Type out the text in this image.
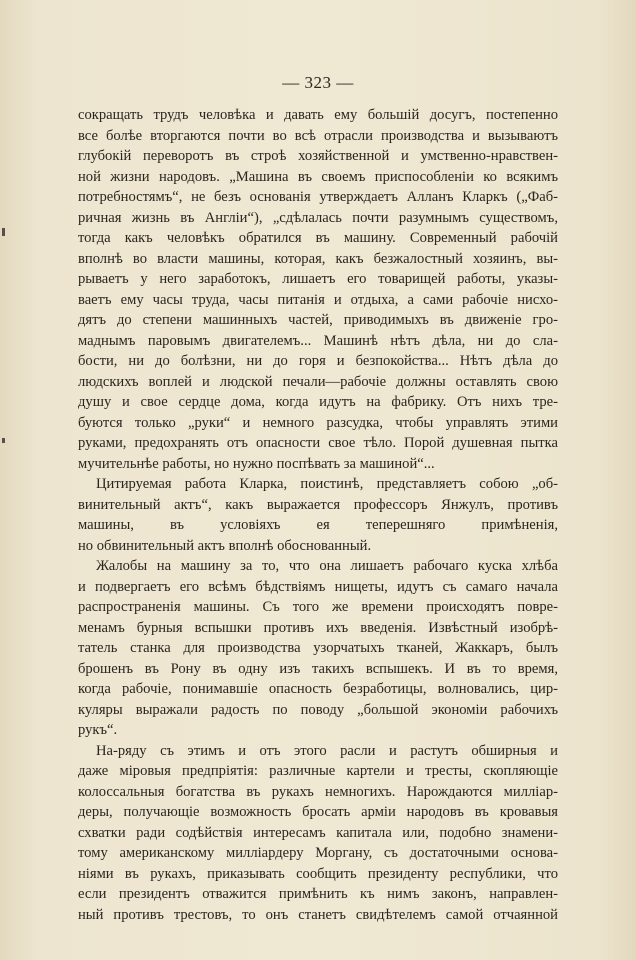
— 323 —
сокращать трудъ человѣка и давать ему большій досугъ, постепенно
все болѣе вторгаются почти во всѣ отрасли производства и вызываютъ
глубокій переворотъ въ строѣ хозяйственной и умственно-нравствен-
ной жизни народовъ. „Машина въ своемъ приспособленіи ко всякимъ
потребностямъ“, не безъ основанія утверждаетъ Алланъ Кларкъ („Фаб-
ричная жизнь въ Англіи“), „сдѣлалась почти разумнымъ существомъ,
тогда какъ человѣкъ обратился въ машину. Современный рабочій
вполнѣ во власти машины, которая, какъ безжалостный хозяинъ, вы-
рываетъ у него заработокъ, лишаетъ его товарищей работы, указы-
ваетъ ему часы труда, часы питанія и отдыха, а сами рабочіе нисхо-
дятъ до степени машинныхъ частей, приводимыхъ въ движеніе гро-
маднымъ паровымъ двигателемъ... Машинѣ нѣтъ дѣла, ни до сла-
бости, ни до болѣзни, ни до горя и безпокойства... Нѣтъ дѣла до
людскихъ воплей и людской печали—рабочіе должны оставлять свою
душу и свое сердце дома, когда идутъ на фабрику. Отъ нихъ тре-
буются только „руки“ и немного разсудка, чтобы управлять этими
руками, предохранять отъ опасности свое тѣло. Порой душевная пытка
мучительнѣе работы, но нужно поспѣвать за машиной“...
Цитируемая работа Кларка, поистинѣ, представляетъ собою „об-
винительный актъ“, какъ выражается профессоръ Янжулъ, противъ
машины, въ условіяхъ ея теперешняго примѣненія,
но обвинительный актъ вполнѣ обоснованный.
Жалобы на машину за то, что она лишаетъ рабочаго куска хлѣба
и подвергаетъ его всѣмъ бѣдствіямъ нищеты, идутъ съ самаго начала
распространенія машины. Съ того же времени происходятъ повре-
менамъ бурныя вспышки противъ ихъ введенія. Извѣстный изобрѣ-
татель станка для производства узорчатыхъ тканей, Жаккаръ, былъ
брошенъ въ Рону въ одну изъ такихъ вспышекъ. И въ то время,
когда рабочіе, понимавшіе опасность безработицы, волновались, цир-
куляры выражали радость по поводу „большой экономіи рабочихъ
рукъ“.
На-ряду съ этимъ и отъ этого расли и растутъ обширныя и
даже міровыя предпріятія: различные картели и тресты, скопляющіе
колоссальныя богатства въ рукахъ немногихъ. Нарождаются милліар-
деры, получающіе возможность бросать арміи народовъ въ кровавыя
схватки ради содѣйствія интересамъ капитала или, подобно знамени-
тому американскому милліардеру Моргану, съ достаточными основа-
ніями въ рукахъ, приказывать сообщить президенту республики, что
если президентъ отважится примѣнить къ нимъ законъ, направлен-
ный противъ трестовъ, то онъ станетъ свидѣтелемъ самой отчаянной
